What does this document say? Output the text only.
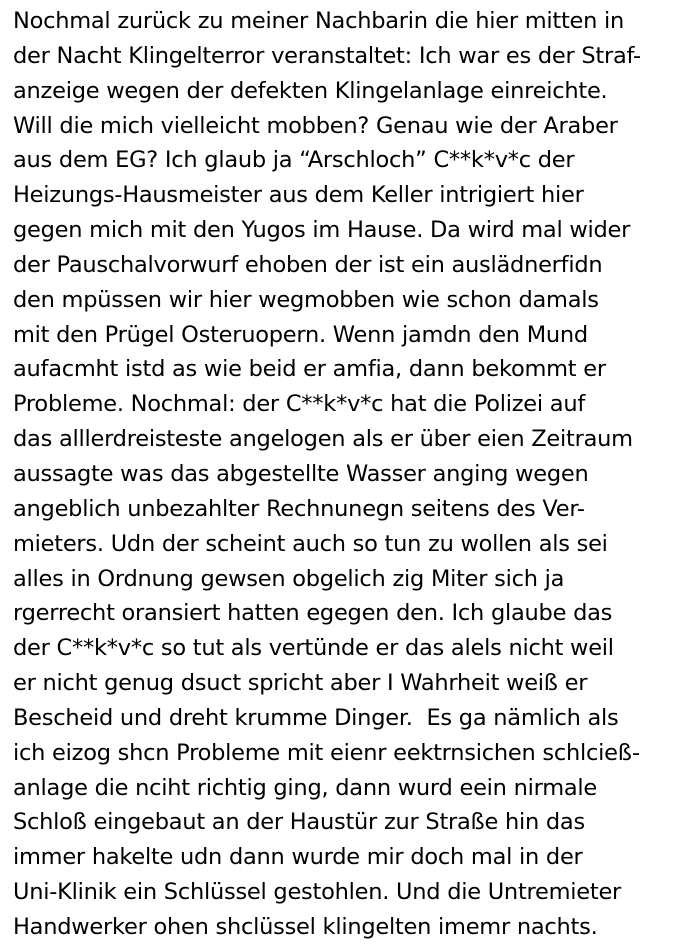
Nochmal zurück zu meiner Nachbarin die hier mitten in
der Nacht Klingelterror veranstaltet: Ich war es der Straf-
anzeige wegen der defekten Klingelanlage einreichte.
Will die mich vielleicht mobben? Genau wie der Araber
aus dem EG? Ich glaub ja “Arschloch” C**k*v*c der
Heizungs-Hausmeister aus dem Keller intrigiert hier
gegen mich mit den Yugos im Hause. Da wird mal wider
der Pauschalvorwurf ehoben der ist ein auslädnerfidn
den mpüssen wir hier wegmobben wie schon damals
mit den Prügel Osteruopern. Wenn jamdn den Mund
aufacmht istd as wie beid er amfia, dann bekommt er
Probleme. Nochmal: der C**k*v*c hat die Polizei auf
das alllerdreisteste angelogen als er über eien Zeitraum
aussagte was das abgestellte Wasser anging wegen
angeblich unbezahlter Rechnunegn seitens des Ver-
mieters. Udn der scheint auch so tun zu wollen als sei
alles in Ordnung gewsen obgelich zig Miter sich ja
rgerrecht oransiert hatten egegen den. Ich glaube das
der C**k*v*c so tut als vertünde er das alels nicht weil
er nicht genug dsuct spricht aber I Wahrheit weiß er
Bescheid und dreht krumme Dinger.  Es ga nämlich als
ich eizog shcn Probleme mit eienr eektrnsichen schlcieß-
anlage die nciht richtig ging, dann wurd eein nirmale
Schloß eingebaut an der Haustür zur Straße hin das
immer hakelte udn dann wurde mir doch mal in der
Uni-Klinik ein Schlüssel gestohlen. Und die Untremieter
Handwerker ohen shclüssel klingelten imemr nachts.
